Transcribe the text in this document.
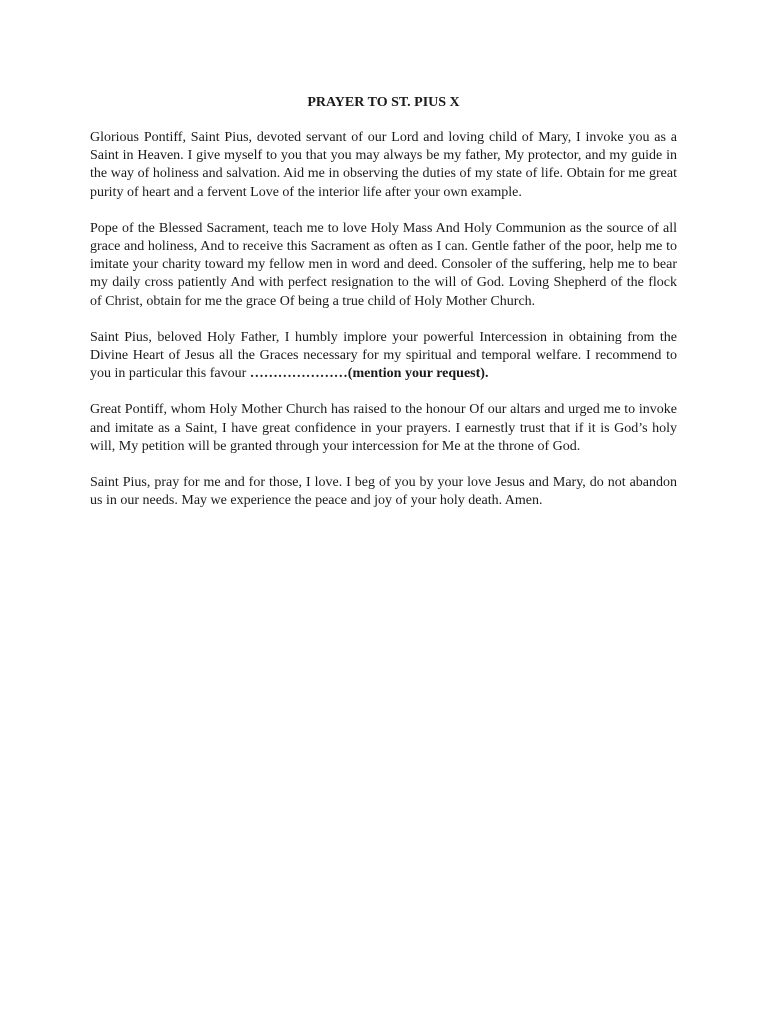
PRAYER TO ST. PIUS X

Glorious Pontiff, Saint Pius, devoted servant of our Lord and loving child of Mary, I invoke you as a Saint in Heaven. I give myself to you that you may always be my father, My protector, and my guide in the way of holiness and salvation. Aid me in observing the duties of my state of life. Obtain for me great purity of heart and a fervent Love of the interior life after your own example.

Pope of the Blessed Sacrament, teach me to love Holy Mass And Holy Communion as the source of all grace and holiness, And to receive this Sacrament as often as I can. Gentle father of the poor, help me to imitate your charity toward my fellow men in word and deed. Consoler of the suffering, help me to bear my daily cross patiently And with perfect resignation to the will of God. Loving Shepherd of the flock of Christ, obtain for me the grace Of being a true child of Holy Mother Church.

Saint Pius, beloved Holy Father, I humbly implore your powerful Intercession in obtaining from the Divine Heart of Jesus all the Graces necessary for my spiritual and temporal welfare. I recommend to you in particular this favour …………………(mention your request).

Great Pontiff, whom Holy Mother Church has raised to the honour Of our altars and urged me to invoke and imitate as a Saint, I have great confidence in your prayers. I earnestly trust that if it is God’s holy will, My petition will be granted through your intercession for Me at the throne of God.

Saint Pius, pray for me and for those, I love. I beg of you by your love Jesus and Mary, do not abandon us in our needs. May we experience the peace and joy of your holy death. Amen.
